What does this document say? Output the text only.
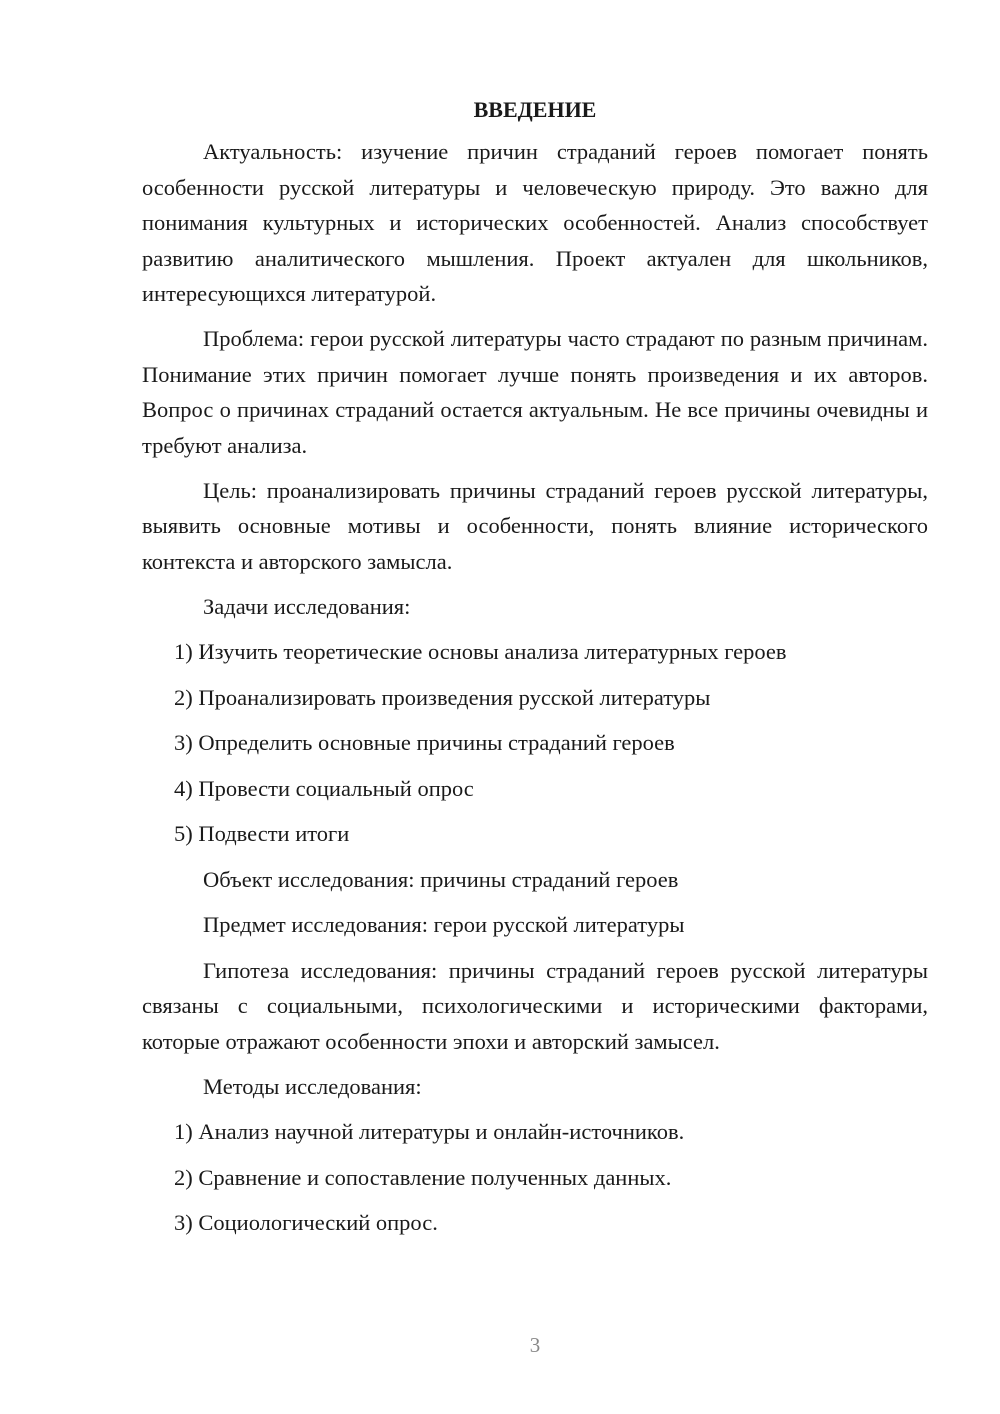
ВВЕДЕНИЕ

Актуальность: изучение причин страданий героев помогает понять особенности русской литературы и человеческую природу. Это важно для понимания культурных и исторических особенностей. Анализ способствует развитию аналитического мышления. Проект актуален для школьников, интересующихся литературой.

Проблема: герои русской литературы часто страдают по разным причинам. Понимание этих причин помогает лучше понять произведения и их авторов. Вопрос о причинах страданий остается актуальным. Не все причины очевидны и требуют анализа.

Цель: проанализировать причины страданий героев русской литературы, выявить основные мотивы и особенности, понять влияние исторического контекста и авторского замысла.

Задачи исследования:
1) Изучить теоретические основы анализа литературных героев
2) Проанализировать произведения русской литературы
3) Определить основные причины страданий героев
4) Провести социальный опрос
5) Подвести итоги
Объект исследования: причины страданий героев
Предмет исследования: герои русской литературы

Гипотеза исследования: причины страданий героев русской литературы связаны с социальными, психологическими и историческими факторами, которые отражают особенности эпохи и авторский замысел.

Методы исследования:
1) Анализ научной литературы и онлайн-источников.
2) Сравнение и сопоставление полученных данных.
3) Социологический опрос.
3
